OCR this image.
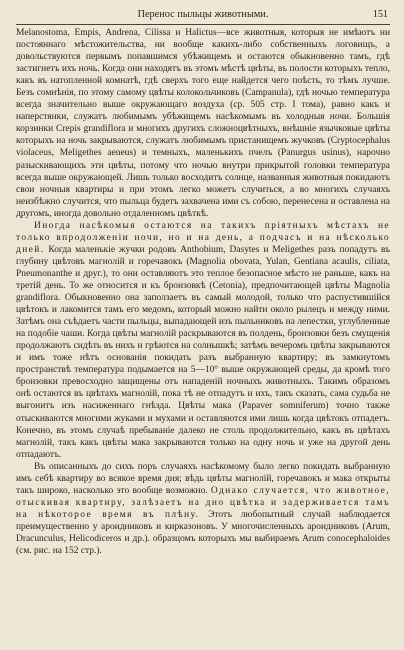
Перенос пыльцы животными.	151

Melanostoma, Empis, Andrena, Cilissa и Halictus—все животныя, которыя не имѣютъ ни постояннаго мѣстожительства, ни вообще какихъ-либо собственныхъ логовищъ, а довольствуются первымъ попавшимся убѣжищемъ и остаются обыкновенно тамъ, гдѣ застигнетъ ихъ ночь. Когда они находятъ въ этомъ мѣстѣ цвѣты, въ полости которыхъ тепло, какъ въ натопленной комнатѣ, гдѣ сверхъ того еще найдется чего поѣсть, то тѣмъ лучше. Безъ сомнѣнія, по этому самому цвѣты колокольчиковъ (Campanula), гдѣ ночью температура всегда значительно выше окружающаго воздуха (ср. 505 стр. I тома), равно какъ и наперстянки, служатъ любимымъ убѣжищемъ насѣкомымъ въ холодныя ночи. Большія корзинки Crepis grandiflora и многихъ другихъ сложноцвѣтныхъ, внѣшніе язычковые цвѣты которыхъ на ночь закрываются, служатъ любимымъ пристанищемъ жучковъ (Cryptocephalus violaceus, Meligethes aeneus) и темныхъ, маленькихъ пчелъ (Panurgus usinus), нарочно разыскивающихъ эти цвѣты, потому что ночью внутри прикрытой головки температура всегда выше окружающей. Лишь только восходитъ солнце, названныя животныя покидаютъ свои ночныя квартиры и при этомъ легко можетъ случиться, а во многихъ случаяхъ неизбѣжно случится, что пыльца будетъ захвачена ими съ собою, перенесена и оставлена на другомъ, иногда довольно отдаленномъ цвѣткѣ.

Иногда насѣкомыя остаются на такихъ пріятныхъ мѣстахъ не только впродолженіи ночи, но и на день, а подчасъ и на нѣсколько дней. Когда маленькіе жучки родовъ Anthobium, Dasytes и Meligethes разъ попадутъ въ глубину цвѣтовъ магнолій и горечавокъ (Magnolia obovata, Yulan, Gentiana acaulis, ciliata, Pneumonanthe и друг.), то они оставляютъ это теплое безопасное мѣсто не раньше, какъ на третій день. То же относится и къ бронзовкѣ (Cetonia), предпочитающей цвѣты Magnolia grandiflora. Обыкновенно она заползаетъ въ самый молодой, только что распустившійся цвѣтокъ и лакомится тамъ его медомъ, который можно найти около рылецъ и между ними. Затѣмъ она съѣдаетъ части пыльцы, выпадающей изъ пыльниковъ на лепестки, углубленные на подобіе чаши. Когда цвѣты магнолій раскрываются въ полдень, бронзовки безъ смущенія продолжаютъ сидѣть въ нихъ и грѣются на солнышкѣ; затѣмъ вечеромъ цвѣты закрываются и имъ тоже нѣтъ основанія покидать разъ выбранную квартиру; въ замкнутомъ пространствѣ температура подымается на 5—10° выше окружающей среды, да кромѣ того бронзовки превосходно защищены отъ нападеній ночныхъ животныхъ. Такимъ образомъ онѣ остаются въ цвѣтахъ магнолій, пока тѣ не отпадутъ и ихъ, такъ сказать, сама судьба не выгонитъ изъ насиженнаго гнѣзда. Цвѣты мака (Papaver somniferum) точно также отыскиваются многими жуками и мухами и оставляются ими лишь когда цвѣтокъ отпадетъ. Конечно, въ этомъ случаѣ пребываніе далеко не столь продолжительно, какъ въ цвѣтахъ магнолій, такъ какъ цвѣты мака закрываются только на одну ночь и уже на другой день отпадаютъ.

Въ описанныхъ до сихъ поръ случаяхъ насѣкомому было легко покидать выбранную имъ себѣ квартиру во всякое время дня; вѣдь цвѣты магнолій, горечавокъ и мака открыты такъ широко, насколько это вообще возможно. Однако случается, что животное, отыскивая квартиру, залѣзаетъ на дно цвѣтка и задерживается тамъ на нѣкоторое время въ плѣну. Этотъ любопытный случай наблюдается преимущественно у ароидниковъ и кирказоновъ. У многочисленныхъ ароидниковъ (Arum, Dracunculus, Helicodiceros и др.). образцомъ которыхъ мы выбираемъ Arum conocephaloides (см. рис. на 152 стр.).
